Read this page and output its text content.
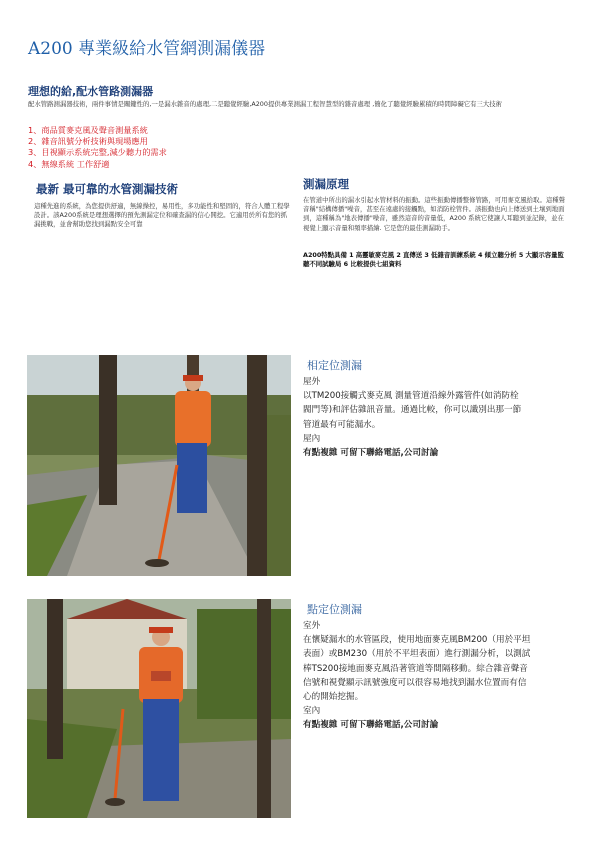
A200 專業級給水管網測漏儀器
理想的給,配水管路測漏器
配水管路測漏器技術，兩件事情是關鍵性的,一是漏水雜音的處理,二是聽覺經驗,A200提供專業測漏工程智慧型的雜音處理 ,簡化了聽覺經驗累積的時間障礙它有三大技術
1、商品質麥克風及聲音測量系統
2、雜音訊號分析技術與現場應用
3、目視顯示系統完整,減少聽力的需求
4、無線系統 工作舒適
最新 最可靠的水管測漏技術
這種先進的系統，為您提供舒適，無線操控，易用性，多功能性和堅固的，符合人體工程學設計。該A200系統是理想選擇的預先測漏定位和確查漏的信心開挖。它適用於所有您的抓漏挑戰，並會幫助您找到漏點安全可靠
測漏原理
在管道中所出的漏水引起水管材料的振動。這些振動傳播整條管路，可用麥克風拾取。這種聲音稱"結構傳播"噪音，甚至在遠處的接觸點，如消防栓管件。該振動也向上傳送到土壤到地面到，這種稱為"地表傳播"噪音，雖然這音的音量低，A200 系統它使讓人耳聽到並記錄，並在視覺上顯示音量和頻率描繪. 它是您的最佳測漏助手。
A200特點具備 1 高靈敏麥克風 2 直傳送 3 低雜音訓練系統 4 傾立聽分析 5 大顯示容量監聽不同試驗局 6 比較提供七組資料
相定位測漏
屋外
以TM200接觸式麥克風 測量管道沿線外露管件(如消防栓
閥門等)和評估雜訊音量。通過比較，你可以識別出那一節
管道最有可能漏水。
屋內
有點複雜 可留下聯絡電話,公司討論
點定位測漏
室外
在懷疑漏水的水管區段，使用地面麥克風BM200（用於平坦
表面）或BM230（用於不平坦表面）進行測漏分析，以測試
棒TS200接地面麥克風沿著管道等間隔移動。綜合雜音聲音
信號和視覺顯示訊號強度可以很容易地找到漏水位置而有信
心的開始挖掘。
室內
有點複雜 可留下聯絡電話,公司討論
